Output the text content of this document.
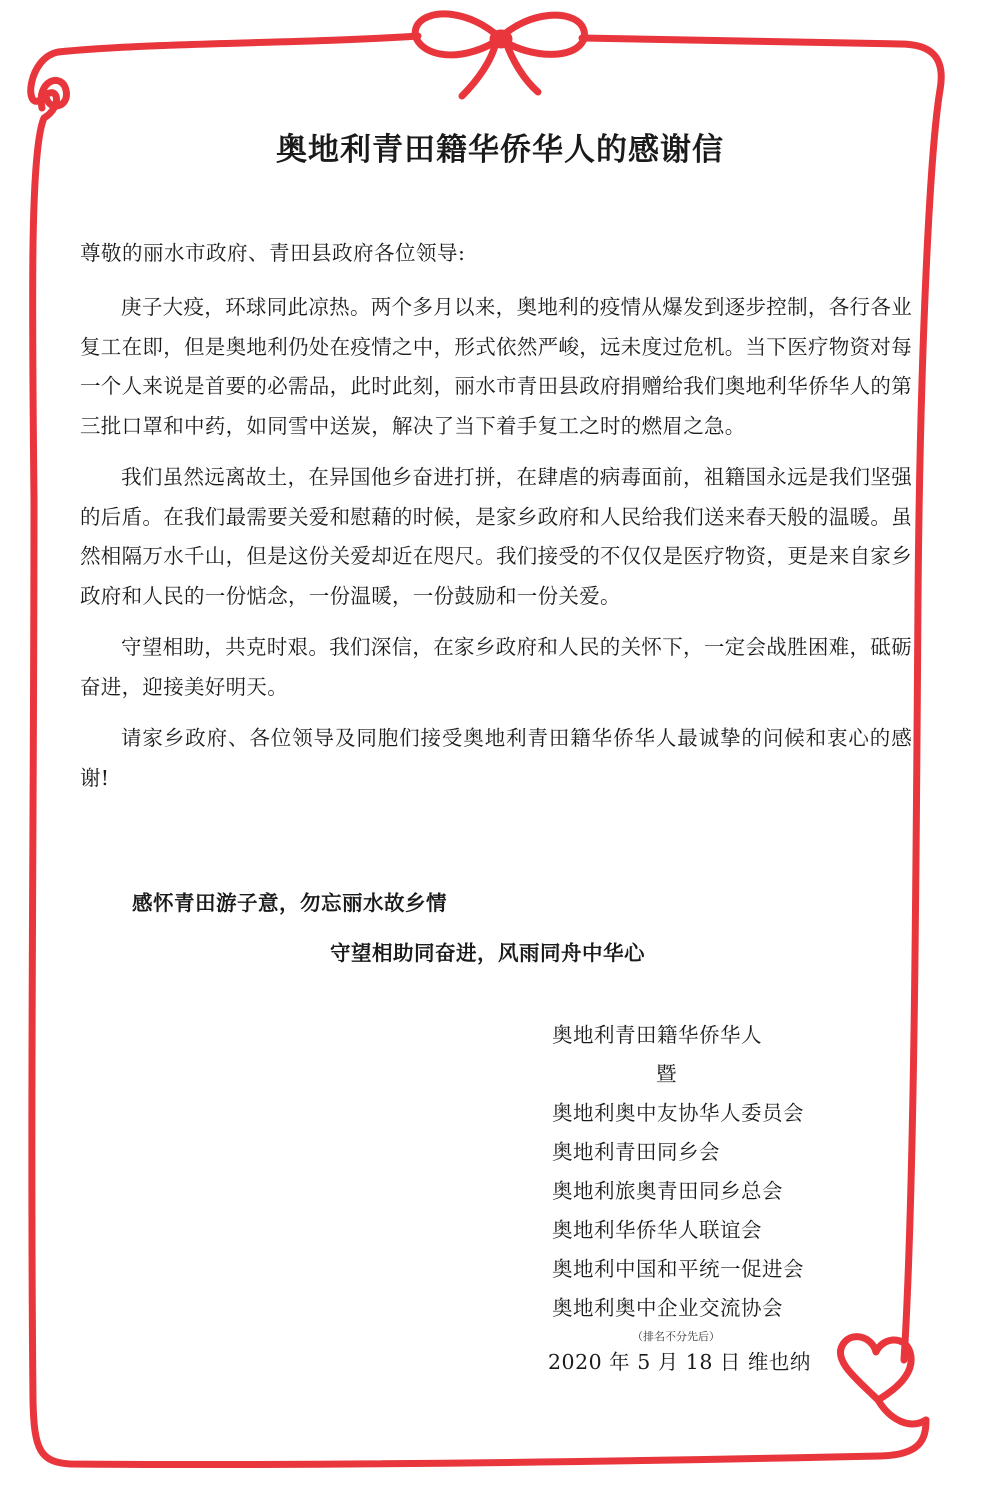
奥地利青田籍华侨华人的感谢信

尊敬的丽水市政府、青田县政府各位领导:

庚子大疫，环球同此凉热。两个多月以来，奥地利的疫情从爆发到逐步控制，各行各业复工在即，但是奥地利仍处在疫情之中，形式依然严峻，远未度过危机。当下医疗物资对每一个人来说是首要的必需品，此时此刻，丽水市青田县政府捐赠给我们奥地利华侨华人的第三批口罩和中药，如同雪中送炭，解决了当下着手复工之时的燃眉之急。

我们虽然远离故土，在异国他乡奋进打拼，在肆虐的病毒面前，祖籍国永远是我们坚强的后盾。在我们最需要关爱和慰藉的时候，是家乡政府和人民给我们送来春天般的温暖。虽然相隔万水千山，但是这份关爱却近在咫尺。我们接受的不仅仅是医疗物资，更是来自家乡政府和人民的一份惦念，一份温暖，一份鼓励和一份关爱。

守望相助，共克时艰。我们深信，在家乡政府和人民的关怀下，一定会战胜困难，砥砺奋进，迎接美好明天。

请家乡政府、各位领导及同胞们接受奥地利青田籍华侨华人最诚挚的问候和衷心的感谢!

感怀青田游子意，勿忘丽水故乡情

守望相助同奋进，风雨同舟中华心

奥地利青田籍华侨华人

暨

奥地利奥中友协华人委员会

奥地利青田同乡会

奥地利旅奥青田同乡总会

奥地利华侨华人联谊会

奥地利中国和平统一促进会

奥地利奥中企业交流协会

（排名不分先后）

2020 年 5 月 18 日 维也纳
